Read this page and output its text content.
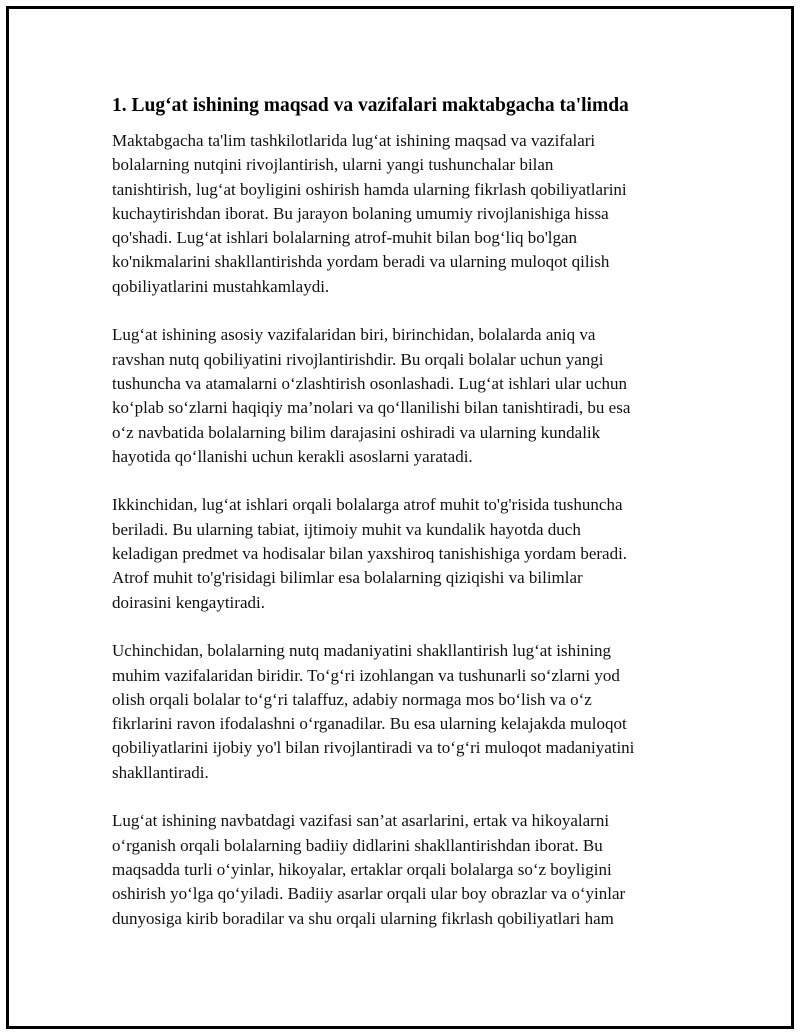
1. Lug‘at ishining maqsad va vazifalari maktabgacha ta'limda
Maktabgacha ta'lim tashkilotlarida lug‘at ishining maqsad va vazifalari
bolalarning nutqini rivojlantirish, ularni yangi tushunchalar bilan
tanishtirish, lug‘at boyligini oshirish hamda ularning fikrlash qobiliyatlarini
kuchaytirishdan iborat. Bu jarayon bolaning umumiy rivojlanishiga hissa
qo'shadi. Lug‘at ishlari bolalarning atrof-muhit bilan bog‘liq bo'lgan
ko'nikmalarini shakllantirishda yordam beradi va ularning muloqot qilish
qobiliyatlarini mustahkamlaydi.
Lug‘at ishining asosiy vazifalaridan biri, birinchidan, bolalarda aniq va
ravshan nutq qobiliyatini rivojlantirishdir. Bu orqali bolalar uchun yangi
tushuncha va atamalarni o‘zlashtirish osonlashadi. Lug‘at ishlari ular uchun
ko‘plab so‘zlarni haqiqiy ma’nolari va qo‘llanilishi bilan tanishtiradi, bu esa
o‘z navbatida bolalarning bilim darajasini oshiradi va ularning kundalik
hayotida qo‘llanishi uchun kerakli asoslarni yaratadi.
Ikkinchidan, lug‘at ishlari orqali bolalarga atrof muhit to'g'risida tushuncha
beriladi. Bu ularning tabiat, ijtimoiy muhit va kundalik hayotda duch
keladigan predmet va hodisalar bilan yaxshiroq tanishishiga yordam beradi.
Atrof muhit to'g'risidagi bilimlar esa bolalarning qiziqishi va bilimlar
doirasini kengaytiradi.
Uchinchidan, bolalarning nutq madaniyatini shakllantirish lug‘at ishining
muhim vazifalaridan biridir. To‘g‘ri izohlangan va tushunarli so‘zlarni yod
olish orqali bolalar to‘g‘ri talaffuz, adabiy normaga mos bo‘lish va o‘z
fikrlarini ravon ifodalashni o‘rganadilar. Bu esa ularning kelajakda muloqot
qobiliyatlarini ijobiy yo'l bilan rivojlantiradi va to‘g‘ri muloqot madaniyatini
shakllantiradi.
Lug‘at ishining navbatdagi vazifasi san’at asarlarini, ertak va hikoyalarni
o‘rganish orqali bolalarning badiiy didlarini shakllantirishdan iborat. Bu
maqsadda turli o‘yinlar, hikoyalar, ertaklar orqali bolalarga so‘z boyligini
oshirish yo‘lga qo‘yiladi. Badiiy asarlar orqali ular boy obrazlar va o‘yinlar
dunyosiga kirib boradilar va shu orqali ularning fikrlash qobiliyatlari ham
